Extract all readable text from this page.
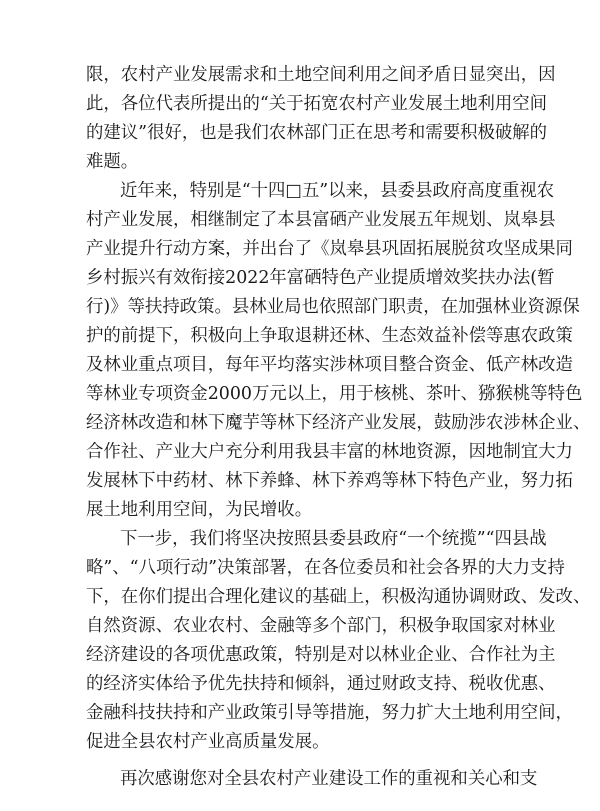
限，农村产业发展需求和土地空间利用之间矛盾日显突出，因
此，各位代表所提出的“关于拓宽农村产业发展土地利用空间
的建议”很好，也是我们农林部门正在思考和需要积极破解的
难题。
近年来，特别是“十四□五”以来，县委县政府高度重视农
村产业发展，相继制定了本县富硒产业发展五年规划、岚皋县
产业提升行动方案，并出台了《岚皋县巩固拓展脱贫攻坚成果同
乡村振兴有效衔接2022年富硒特色产业提质增效奖扶办法(暂
行)》等扶持政策。县林业局也依照部门职责，在加强林业资源保
护的前提下，积极向上争取退耕还林、生态效益补偿等惠农政策
及林业重点项目，每年平均落实涉林项目整合资金、低产林改造
等林业专项资金2000万元以上，用于核桃、茶叶、猕猴桃等特色
经济林改造和林下魔芋等林下经济产业发展，鼓励涉农涉林企业、
合作社、产业大户充分利用我县丰富的林地资源，因地制宜大力
发展林下中药材、林下养蜂、林下养鸡等林下特色产业，努力拓
展土地利用空间，为民增收。
下一步，我们将坚决按照县委县政府“一个统揽”“四县战
略”、“八项行动”决策部署，在各位委员和社会各界的大力支持
下，在你们提出合理化建议的基础上，积极沟通协调财政、发改、
自然资源、农业农村、金融等多个部门，积极争取国家对林业
经济建设的各项优惠政策，特别是对以林业企业、合作社为主
的经济实体给予优先扶持和倾斜，通过财政支持、税收优惠、
金融科技扶持和产业政策引导等措施，努力扩大土地利用空间，
促进全县农村产业高质量发展。
再次感谢您对全县农村产业建设工作的重视和关心和支
